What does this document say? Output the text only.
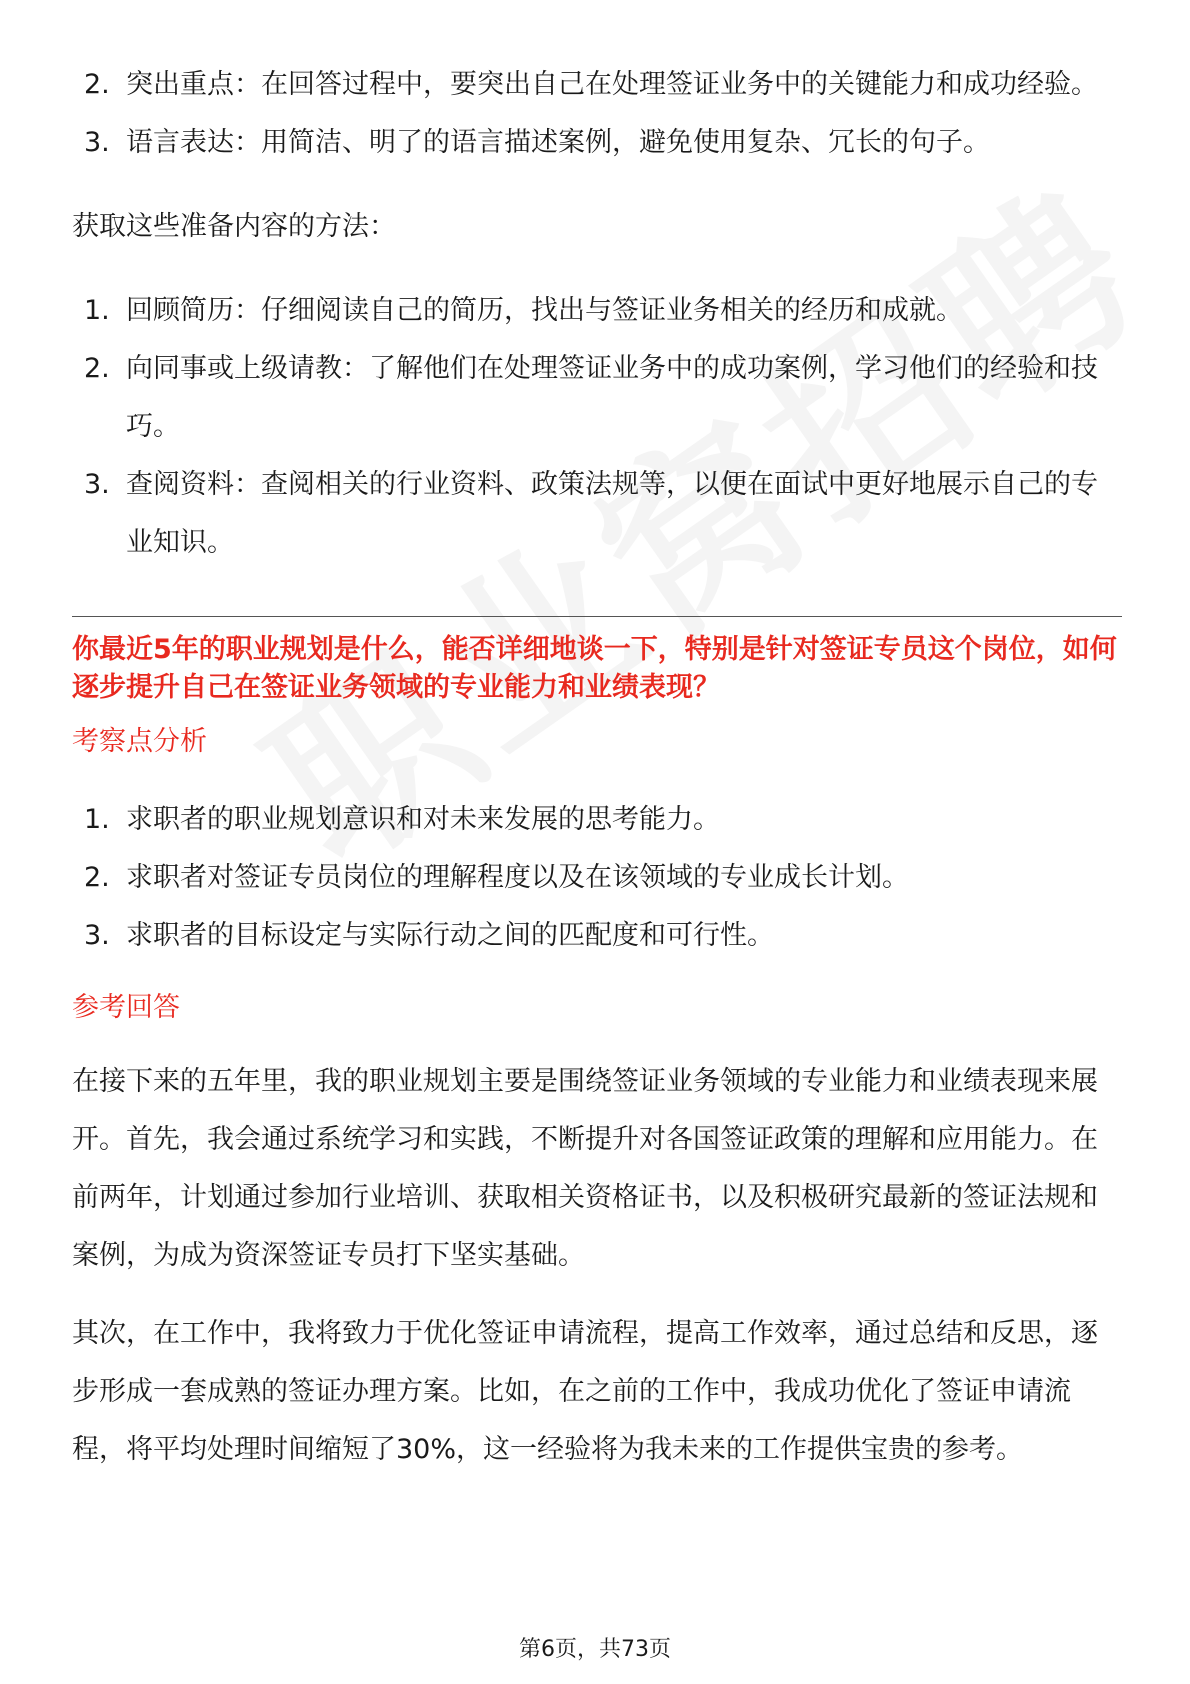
2. 突出重点：在回答过程中，要突出自己在处理签证业务中的关键能力和成功经验。
3. 语言表达：用简洁、明了的语言描述案例，避免使用复杂、冗长的句子。

获取这些准备内容的方法：

1. 回顾简历：仔细阅读自己的简历，找出与签证业务相关的经历和成就。
2. 向同事或上级请教：了解他们在处理签证业务中的成功案例，学习他们的经验和技巧。
3. 查阅资料：查阅相关的行业资料、政策法规等，以便在面试中更好地展示自己的专业知识。

你最近5年的职业规划是什么，能否详细地谈一下，特别是针对签证专员这个岗位，如何逐步提升自己在签证业务领域的专业能力和业绩表现？

考察点分析

1. 求职者的职业规划意识和对未来发展的思考能力。
2. 求职者对签证专员岗位的理解程度以及在该领域的专业成长计划。
3. 求职者的目标设定与实际行动之间的匹配度和可行性。

参考回答

在接下来的五年里，我的职业规划主要是围绕签证业务领域的专业能力和业绩表现来展开。首先，我会通过系统学习和实践，不断提升对各国签证政策的理解和应用能力。在前两年，计划通过参加行业培训、获取相关资格证书，以及积极研究最新的签证法规和案例，为成为资深签证专员打下坚实基础。

其次，在工作中，我将致力于优化签证申请流程，提高工作效率，通过总结和反思，逐步形成一套成熟的签证办理方案。比如，在之前的工作中，我成功优化了签证申请流程，将平均处理时间缩短了30%，这一经验将为我未来的工作提供宝贵的参考。

第6页，共73页
